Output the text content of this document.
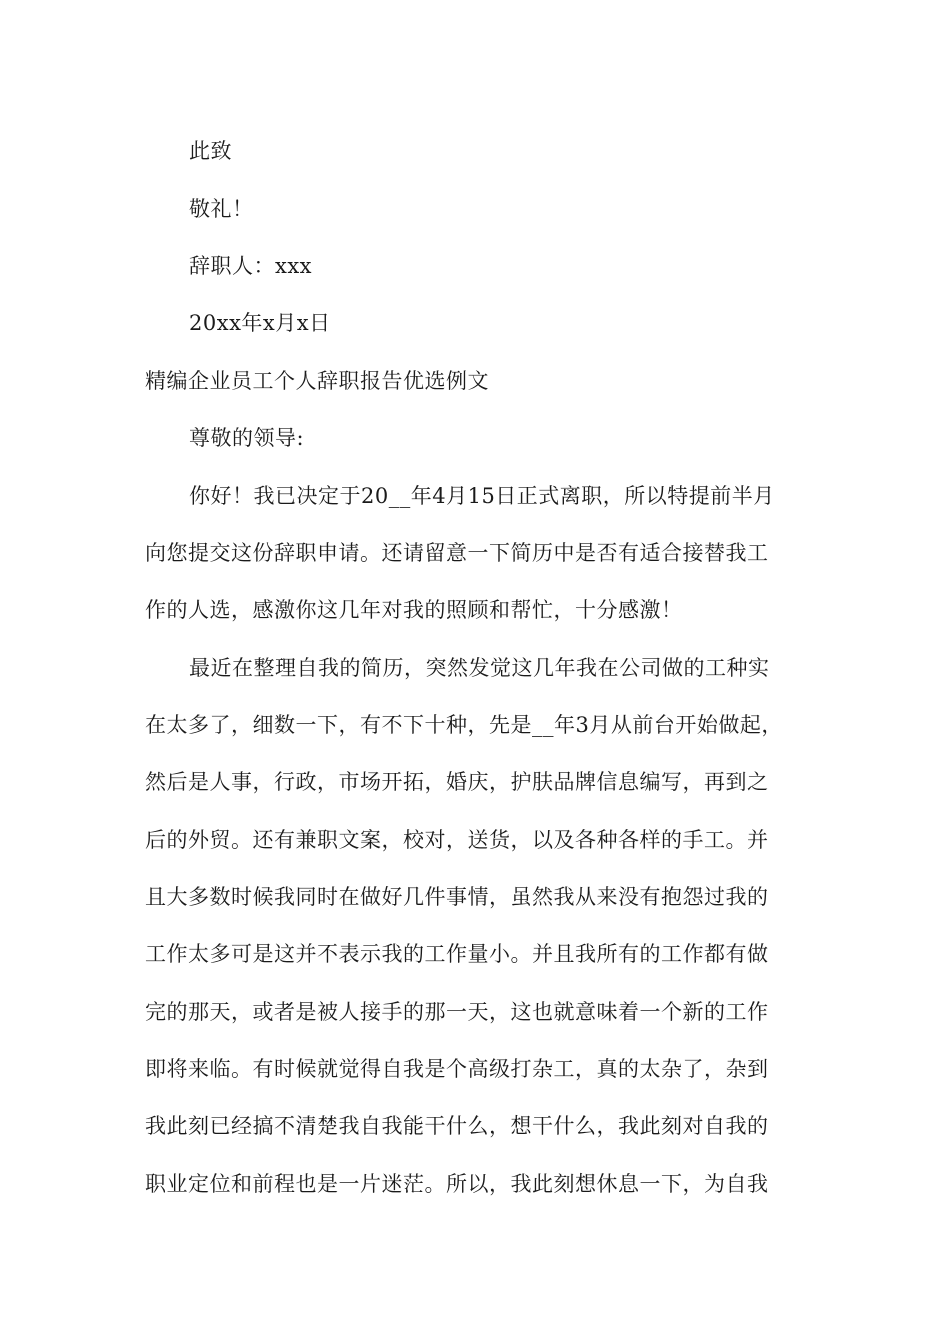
此致
敬礼！
辞职人：xxx
20xx年x月x日
精编企业员工个人辞职报告优选例文
尊敬的领导:
你好！我已决定于20__年4月15日正式离职，所以特提前半月
向您提交这份辞职申请。还请留意一下简历中是否有适合接替我工
作的人选，感激你这几年对我的照顾和帮忙，十分感激！
最近在整理自我的简历，突然发觉这几年我在公司做的工种实
在太多了，细数一下，有不下十种，先是__年3月从前台开始做起，
然后是人事，行政，市场开拓，婚庆，护肤品牌信息编写，再到之
后的外贸。还有兼职文案，校对，送货，以及各种各样的手工。并
且大多数时候我同时在做好几件事情，虽然我从来没有抱怨过我的
工作太多可是这并不表示我的工作量小。并且我所有的工作都有做
完的那天，或者是被人接手的那一天，这也就意味着一个新的工作
即将来临。有时候就觉得自我是个高级打杂工，真的太杂了，杂到
我此刻已经搞不清楚我自我能干什么，想干什么，我此刻对自我的
职业定位和前程也是一片迷茫。所以，我此刻想休息一下，为自我
